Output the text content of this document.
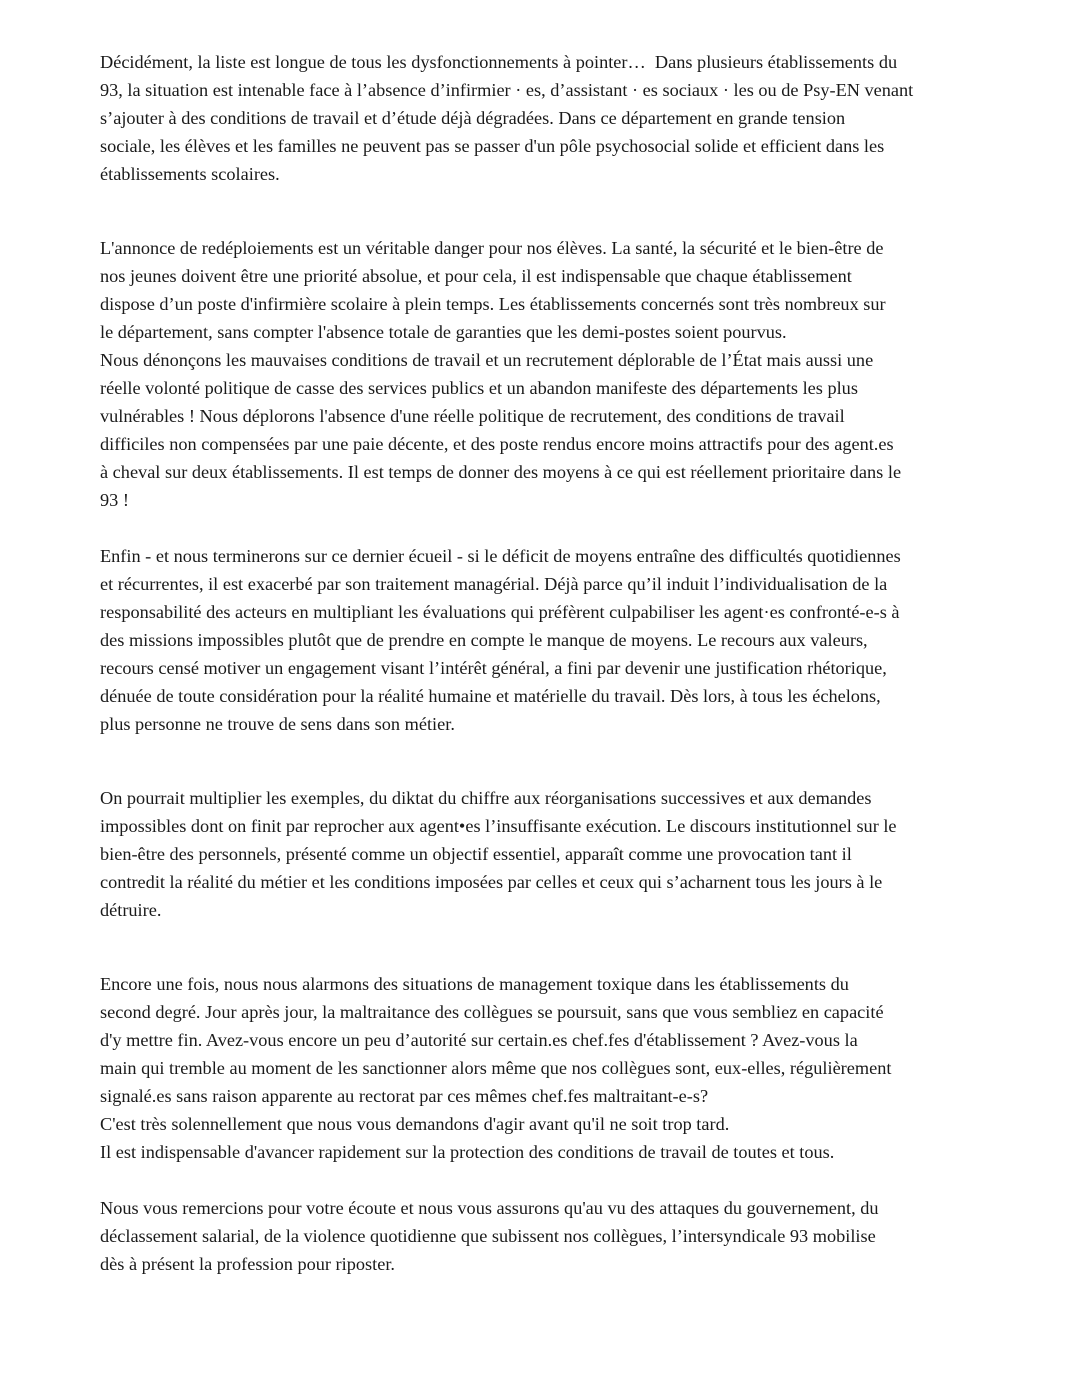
Décidément, la liste est longue de tous les dysfonctionnements à pointer…  Dans plusieurs établissements du
93, la situation est intenable face à l’absence d’infirmier · es, d’assistant · es sociaux · les ou de Psy-EN venant
s’ajouter à des conditions de travail et d’étude déjà dégradées. Dans ce département en grande tension
sociale, les élèves et les familles ne peuvent pas se passer d'un pôle psychosocial solide et efficient dans les
établissements scolaires.

L'annonce de redéploiements est un véritable danger pour nos élèves. La santé, la sécurité et le bien-être de
nos jeunes doivent être une priorité absolue, et pour cela, il est indispensable que chaque établissement
dispose d’un poste d'infirmière scolaire à plein temps. Les établissements concernés sont très nombreux sur
le département, sans compter l'absence totale de garanties que les demi-postes soient pourvus.
Nous dénonçons les mauvaises conditions de travail et un recrutement déplorable de l’État mais aussi une
réelle volonté politique de casse des services publics et un abandon manifeste des départements les plus
vulnérables ! Nous déplorons l'absence d'une réelle politique de recrutement, des conditions de travail
difficiles non compensées par une paie décente, et des poste rendus encore moins attractifs pour des agent.es
à cheval sur deux établissements. Il est temps de donner des moyens à ce qui est réellement prioritaire dans le
93 !

Enfin - et nous terminerons sur ce dernier écueil - si le déficit de moyens entraîne des difficultés quotidiennes
et récurrentes, il est exacerbé par son traitement managérial. Déjà parce qu’il induit l’individualisation de la
responsabilité des acteurs en multipliant les évaluations qui préfèrent culpabiliser les agent·es confronté-e-s à
des missions impossibles plutôt que de prendre en compte le manque de moyens. Le recours aux valeurs,
recours censé motiver un engagement visant l’intérêt général, a fini par devenir une justification rhétorique,
dénuée de toute considération pour la réalité humaine et matérielle du travail. Dès lors, à tous les échelons,
plus personne ne trouve de sens dans son métier.

On pourrait multiplier les exemples, du diktat du chiffre aux réorganisations successives et aux demandes
impossibles dont on finit par reprocher aux agent•es l’insuffisante exécution. Le discours institutionnel sur le
bien-être des personnels, présenté comme un objectif essentiel, apparaît comme une provocation tant il
contredit la réalité du métier et les conditions imposées par celles et ceux qui s’acharnent tous les jours à le
détruire.

Encore une fois, nous nous alarmons des situations de management toxique dans les établissements du
second degré. Jour après jour, la maltraitance des collègues se poursuit, sans que vous sembliez en capacité
d'y mettre fin. Avez-vous encore un peu d’autorité sur certain.es chef.fes d'établissement ? Avez-vous la
main qui tremble au moment de les sanctionner alors même que nos collègues sont, eux-elles, régulièrement
signalé.es sans raison apparente au rectorat par ces mêmes chef.fes maltraitant-e-s?
C'est très solennellement que nous vous demandons d'agir avant qu'il ne soit trop tard.
Il est indispensable d'avancer rapidement sur la protection des conditions de travail de toutes et tous.

Nous vous remercions pour votre écoute et nous vous assurons qu'au vu des attaques du gouvernement, du
déclassement salarial, de la violence quotidienne que subissent nos collègues, l’intersyndicale 93 mobilise
dès à présent la profession pour riposter.
